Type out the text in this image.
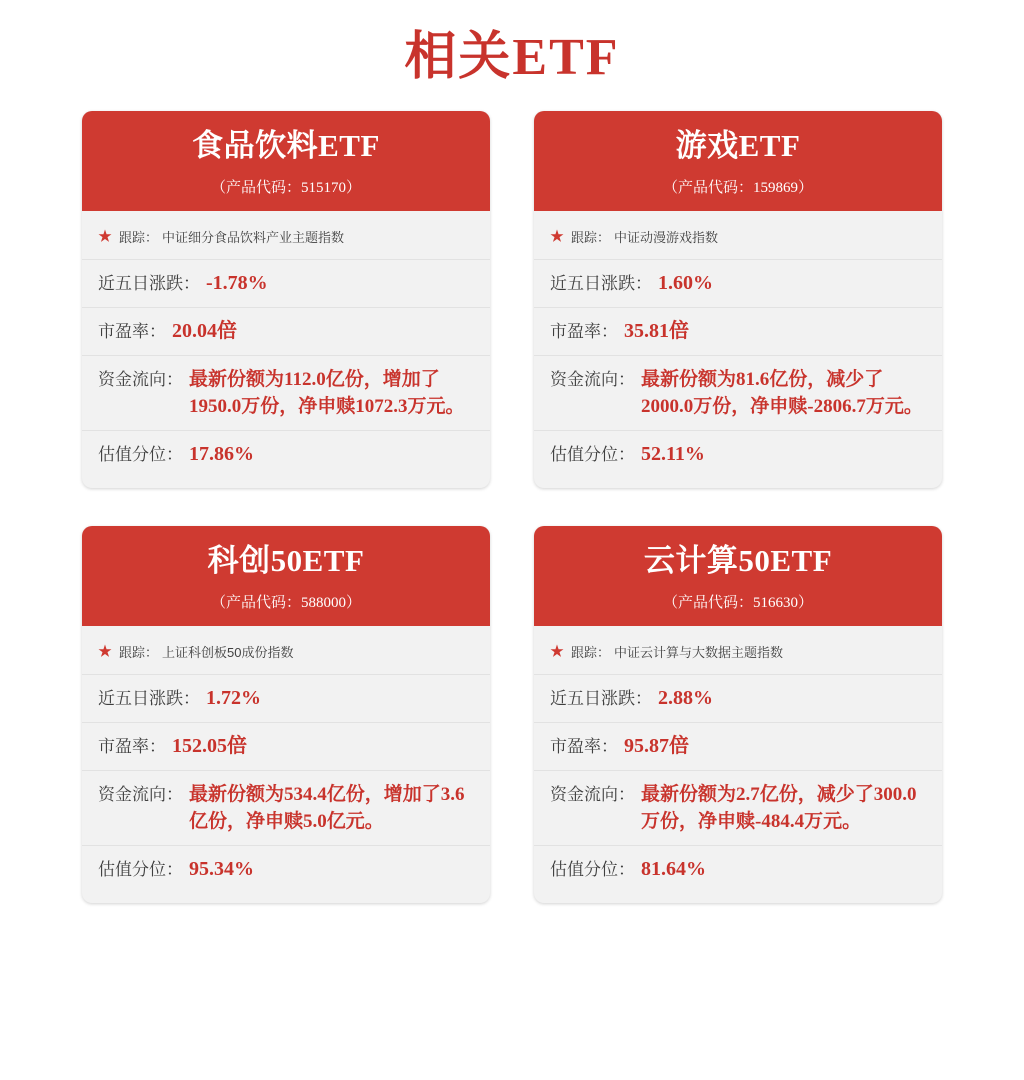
相关ETF
食品饮料ETF
（产品代码：515170）
★ 跟踪： 中证细分食品饮料产业主题指数
近五日涨跌： -1.78%
市盈率： 20.04倍
资金流向： 最新份额为112.0亿份，增加了1950.0万份，净申赎1072.3万元。
估值分位： 17.86%
游戏ETF
（产品代码：159869）
★ 跟踪： 中证动漫游戏指数
近五日涨跌： 1.60%
市盈率： 35.81倍
资金流向： 最新份额为81.6亿份，减少了2000.0万份，净申赎-2806.7万元。
估值分位： 52.11%
科创50ETF
（产品代码：588000）
★ 跟踪： 上证科创板50成份指数
近五日涨跌： 1.72%
市盈率： 152.05倍
资金流向： 最新份额为534.4亿份，增加了3.6亿份，净申赎5.0亿元。
估值分位： 95.34%
云计算50ETF
（产品代码：516630）
★ 跟踪： 中证云计算与大数据主题指数
近五日涨跌： 2.88%
市盈率： 95.87倍
资金流向： 最新份额为2.7亿份，减少了300.0万份，净申赎-484.4万元。
估值分位： 81.64%
